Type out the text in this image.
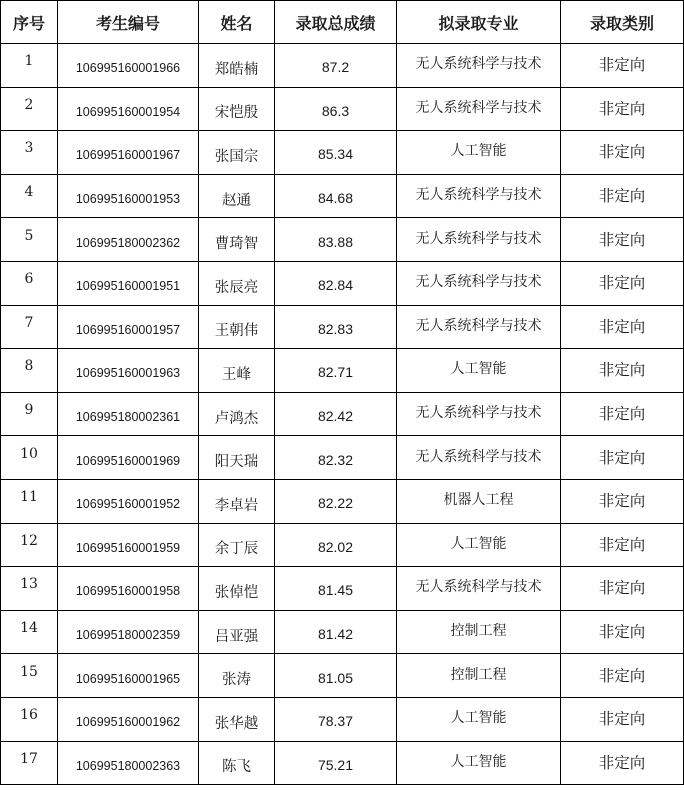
序号	考生编号	姓名	录取总成绩	拟录取专业	录取类别
1	106995160001966	郑皓楠	87.2	无人系统科学与技术	非定向
2	106995160001954	宋恺殷	86.3	无人系统科学与技术	非定向
3	106995160001967	张国宗	85.34	人工智能	非定向
4	106995160001953	赵通	84.68	无人系统科学与技术	非定向
5	106995180002362	曹琦智	83.88	无人系统科学与技术	非定向
6	106995160001951	张辰亮	82.84	无人系统科学与技术	非定向
7	106995160001957	王朝伟	82.83	无人系统科学与技术	非定向
8	106995160001963	王峰	82.71	人工智能	非定向
9	106995180002361	卢鸿杰	82.42	无人系统科学与技术	非定向
10	106995160001969	阳天瑞	82.32	无人系统科学与技术	非定向
11	106995160001952	李卓岩	82.22	机器人工程	非定向
12	106995160001959	余丁辰	82.02	人工智能	非定向
13	106995160001958	张倬恺	81.45	无人系统科学与技术	非定向
14	106995180002359	吕亚强	81.42	控制工程	非定向
15	106995160001965	张涛	81.05	控制工程	非定向
16	106995160001962	张华越	78.37	人工智能	非定向
17	106995180002363	陈飞	75.21	人工智能	非定向
